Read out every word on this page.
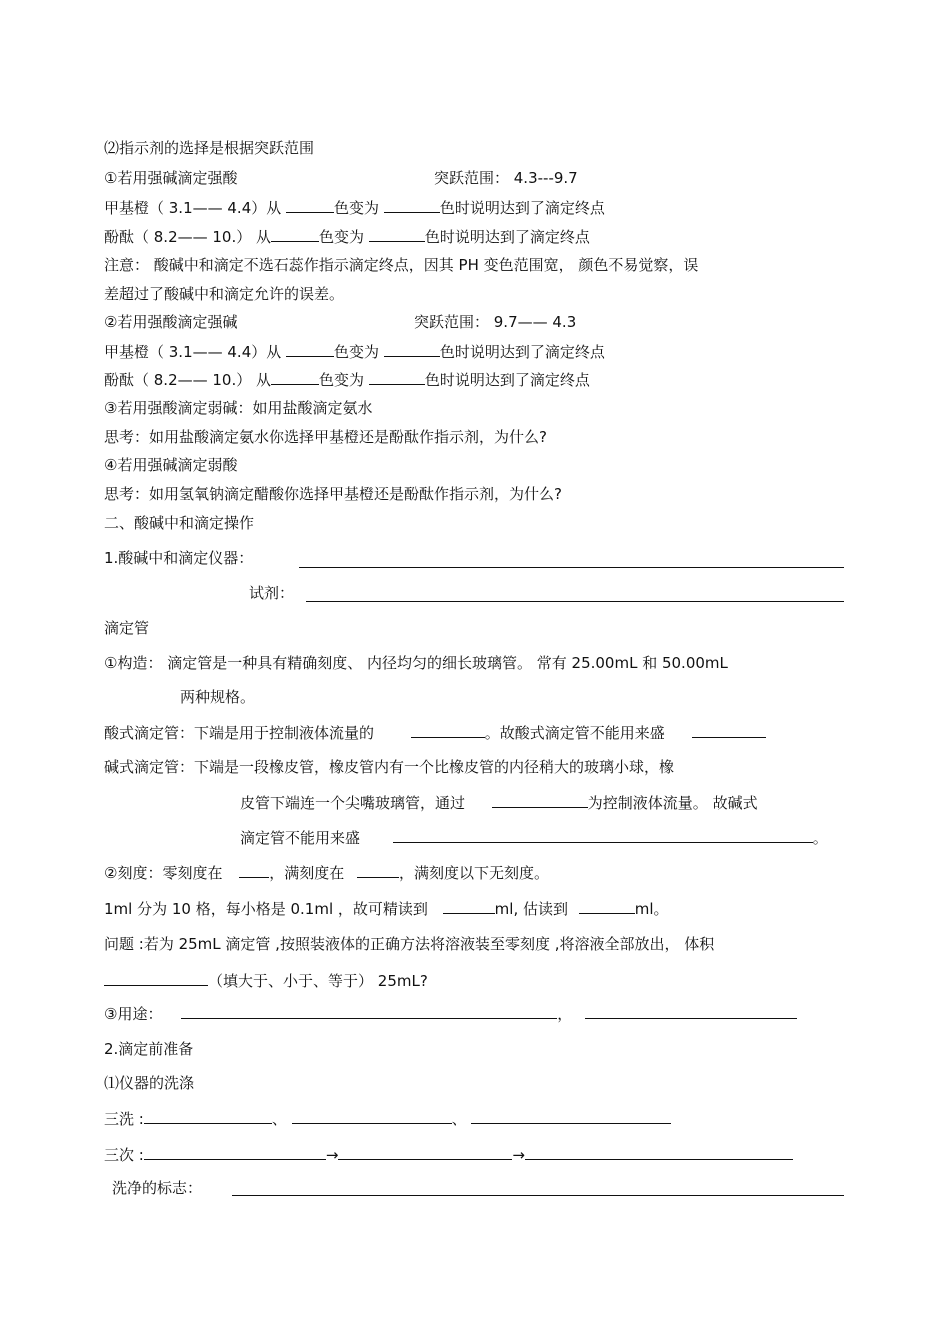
⑵指示剂的选择是根据突跃范围
①若用强碱滴定强酸	突跃范围： 4.3---9.7
甲基橙（ 3.1—— 4.4）从	色变为	色时说明达到了滴定终点
酚酞（ 8.2—— 10.） 从	色变为	色时说明达到了滴定终点
注意： 酸碱中和滴定不选石蕊作指示滴定终点，因其 PH 变色范围宽， 颜色不易觉察，误
差超过了酸碱中和滴定允许的误差。
②若用强酸滴定强碱	突跃范围： 9.7—— 4.3
甲基橙（ 3.1—— 4.4）从	色变为	色时说明达到了滴定终点
酚酞（ 8.2—— 10.） 从	色变为	色时说明达到了滴定终点
③若用强酸滴定弱碱：如用盐酸滴定氨水
思考：如用盐酸滴定氨水你选择甲基橙还是酚酞作指示剂，为什么?
④若用强碱滴定弱酸
思考：如用氢氧钠滴定醋酸你选择甲基橙还是酚酞作指示剂，为什么?
二、酸碱中和滴定操作
1.酸碱中和滴定仪器：
试剂：
滴定管
①构造： 滴定管是一种具有精确刻度、 内径均匀的细长玻璃管。 常有 25.00mL 和 50.00mL
两种规格。
酸式滴定管：下端是用于控制液体流量的	。故酸式滴定管不能用来盛
碱式滴定管：下端是一段橡皮管，橡皮管内有一个比橡皮管的内径稍大的玻璃小球，橡
皮管下端连一个尖嘴玻璃管，通过	为控制液体流量。 故碱式
滴定管不能用来盛	。
②刻度：零刻度在	，满刻度在	，满刻度以下无刻度。
1ml 分为 10 格，每小格是 0.1ml ，故可精读到	ml, 估读到	ml。
问题 :若为 25mL 滴定管 ,按照装液体的正确方法将溶液装至零刻度 ,将溶液全部放出， 体积
（填大于、小于、等于） 25mL?
③用途：	，
2.滴定前准备
⑴仪器的洗涤
三洗 :	、	、
三次 :	→	→
洗净的标志：
